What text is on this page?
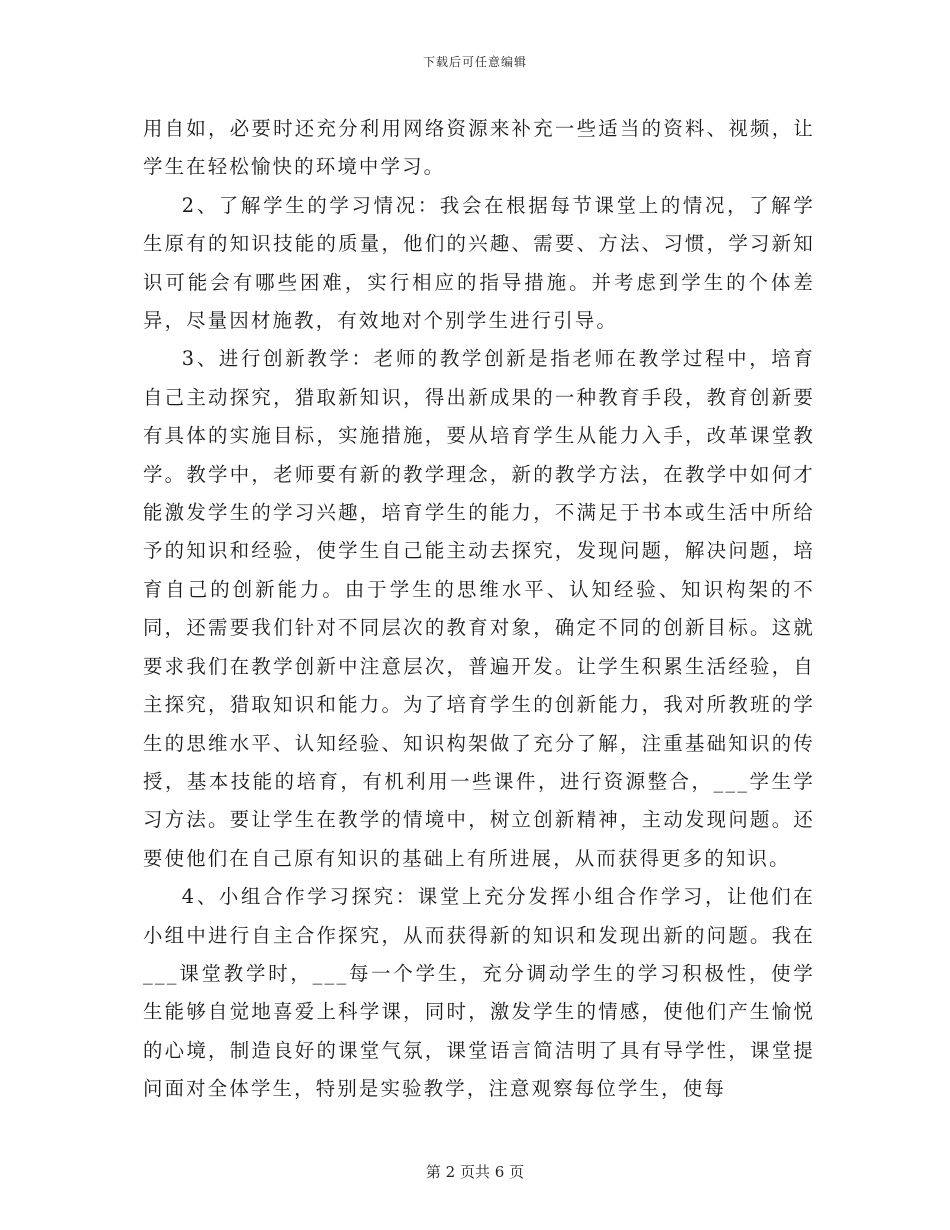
下载后可任意编辑

用自如，必要时还充分利用网络资源来补充一些适当的资料、视频，让学生在轻松愉快的环境中学习。

2、了解学生的学习情况：我会在根据每节课堂上的情况，了解学生原有的知识技能的质量，他们的兴趣、需要、方法、习惯，学习新知识可能会有哪些困难，实行相应的指导措施。并考虑到学生的个体差异，尽量因材施教，有效地对个别学生进行引导。

3、进行创新教学：老师的教学创新是指老师在教学过程中，培育自己主动探究，猎取新知识，得出新成果的一种教育手段，教育创新要有具体的实施目标，实施措施，要从培育学生从能力入手，改革课堂教学。教学中，老师要有新的教学理念，新的教学方法，在教学中如何才能激发学生的学习兴趣，培育学生的能力，不满足于书本或生活中所给予的知识和经验，使学生自己能主动去探究，发现问题，解决问题，培育自己的创新能力。由于学生的思维水平、认知经验、知识构架的不同，还需要我们针对不同层次的教育对象，确定不同的创新目标。这就要求我们在教学创新中注意层次，普遍开发。让学生积累生活经验，自主探究，猎取知识和能力。为了培育学生的创新能力，我对所教班的学生的思维水平、认知经验、知识构架做了充分了解，注重基础知识的传授，基本技能的培育，有机利用一些课件，进行资源整合，___学生学习方法。要让学生在教学的情境中，树立创新精神，主动发现问题。还要使他们在自己原有知识的基础上有所进展，从而获得更多的知识。

4、小组合作学习探究：课堂上充分发挥小组合作学习，让他们在小组中进行自主合作探究，从而获得新的知识和发现出新的问题。我在___课堂教学时，___每一个学生，充分调动学生的学习积极性，使学生能够自觉地喜爱上科学课，同时，激发学生的情感，使他们产生愉悦的心境，制造良好的课堂气氛，课堂语言简洁明了具有导学性，课堂提问面对全体学生，特别是实验教学，注意观察每位学生，使每

第 2 页共 6 页
